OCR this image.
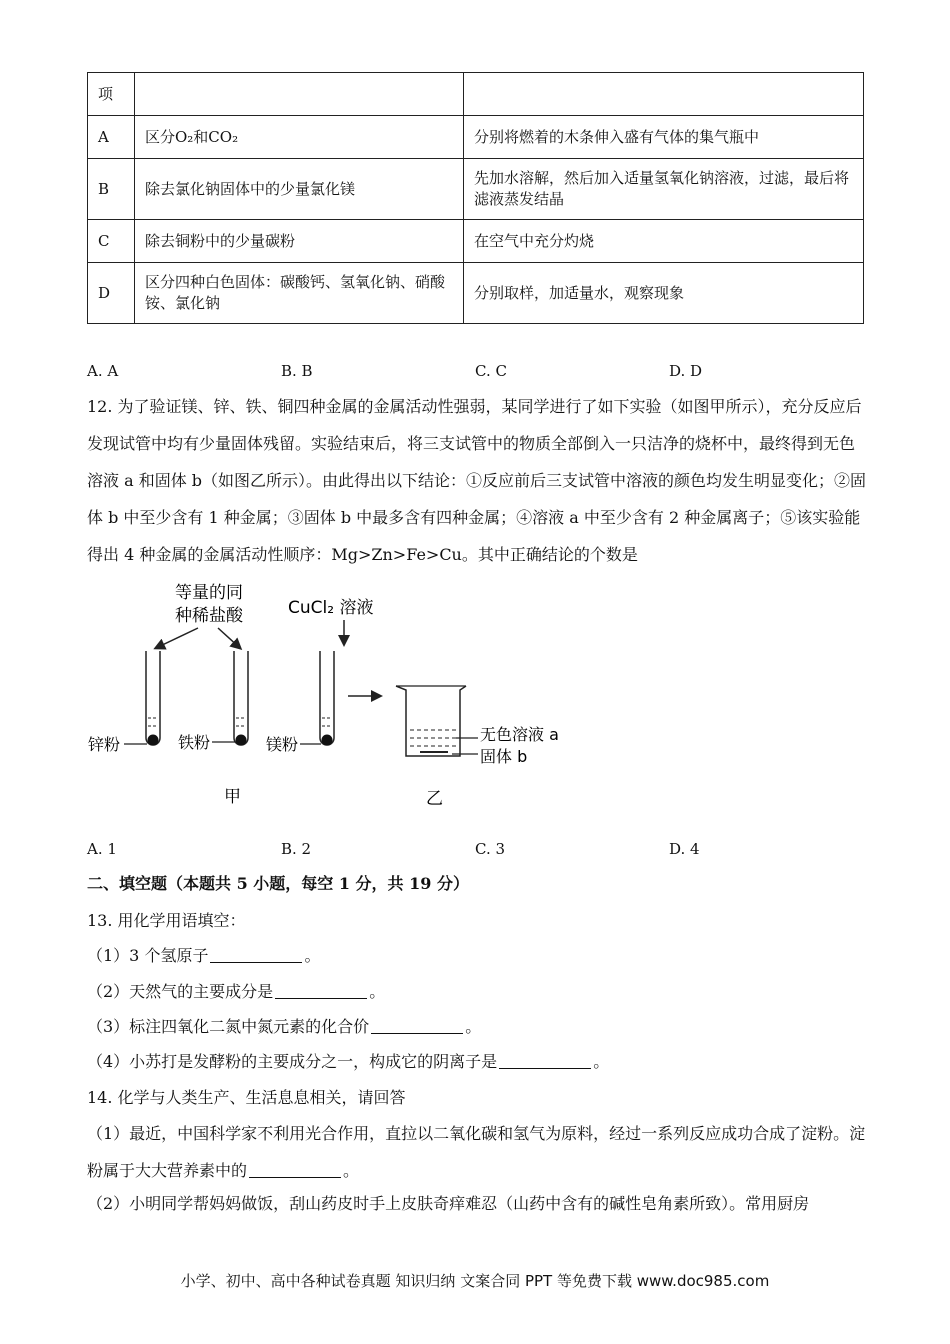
项		
A	区分O₂和CO₂	分别将燃着的木条伸入盛有气体的集气瓶中
B	除去氯化钠固体中的少量氯化镁	先加水溶解，然后加入适量氢氧化钠溶液，过滤，最后将滤液蒸发结晶
C	除去铜粉中的少量碳粉	在空气中充分灼烧
D	区分四种白色固体：碳酸钙、氢氧化钠、硝酸铵、氯化钠	分别取样，加适量水，观察现象
A. A	B. B	C. C	D. D
12. 为了验证镁、锌、铁、铜四种金属的金属活动性强弱，某同学进行了如下实验（如图甲所示），充分反应后发现试管中均有少量固体残留。实验结束后，将三支试管中的物质全部倒入一只洁净的烧杯中，最终得到无色溶液 a 和固体 b（如图乙所示）。由此得出以下结论：①反应前后三支试管中溶液的颜色均发生明显变化；②固体 b 中至少含有 1 种金属；③固体 b 中最多含有四种金属；④溶液 a 中至少含有 2 种金属离子；⑤该实验能得出 4 种金属的金属活动性顺序：Mg>Zn>Fe>Cu。其中正确结论的个数是
等量的同
种稀盐酸	CuCl₂ 溶液
锌粉	铁粉	镁粉
无色溶液 a
固体 b
甲	乙
A. 1	B. 2	C. 3	D. 4
二、填空题（本题共 5 小题，每空 1 分，共 19 分）
13. 用化学用语填空：
（1）3 个氢原子	。
（2）天然气的主要成分是	。
（3）标注四氧化二氮中氮元素的化合价	。
（4）小苏打是发酵粉的主要成分之一，构成它的阴离子是	。
14. 化学与人类生产、生活息息相关，请回答
（1）最近，中国科学家不利用光合作用，直拉以二氧化碳和氢气为原料，经过一系列反应成功合成了淀粉。淀粉属于大大营养素中的	。
（2）小明同学帮妈妈做饭，刮山药皮时手上皮肤奇痒难忍（山药中含有的碱性皂角素所致）。常用厨房
小学、初中、高中各种试卷真题 知识归纳 文案合同 PPT 等免费下载 www.doc985.com
